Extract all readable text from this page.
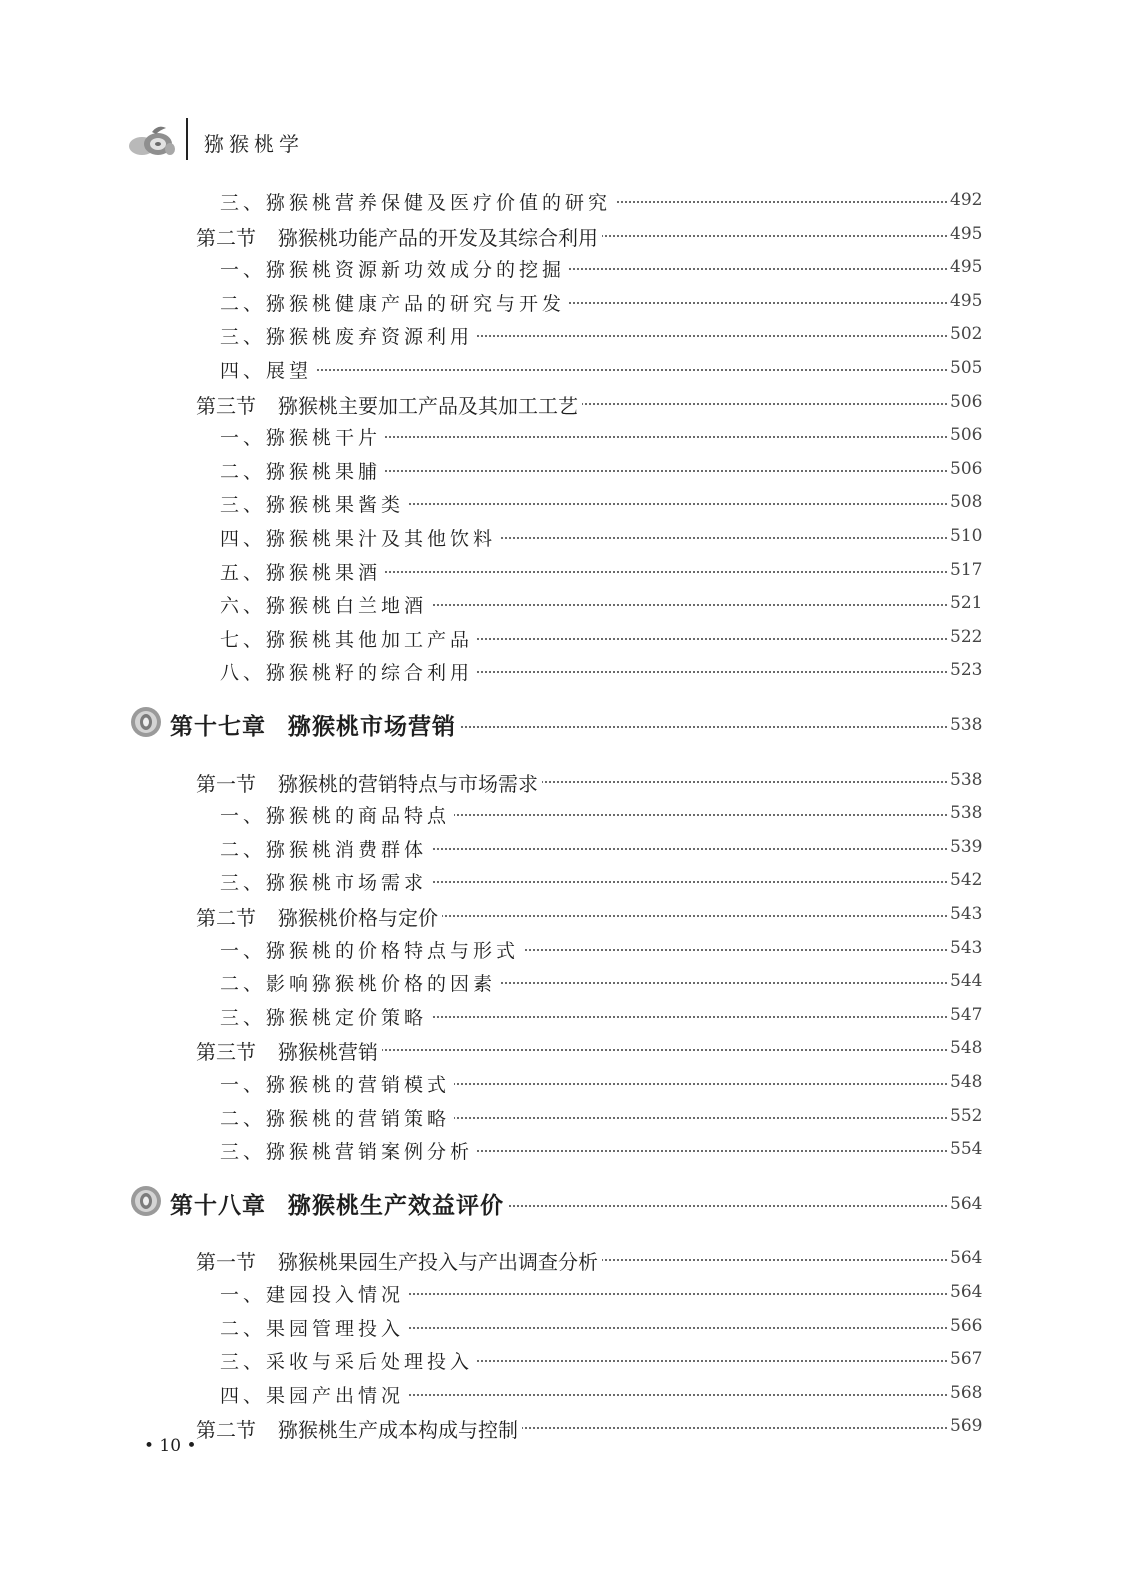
猕猴桃学
三、猕猴桃营养保健及医疗价值的研究	492
第二节 猕猴桃功能产品的开发及其综合利用	495
一、猕猴桃资源新功效成分的挖掘	495
二、猕猴桃健康产品的研究与开发	495
三、猕猴桃废弃资源利用	502
四、展望	505
第三节 猕猴桃主要加工产品及其加工工艺	506
一、猕猴桃干片	506
二、猕猴桃果脯	506
三、猕猴桃果酱类	508
四、猕猴桃果汁及其他饮料	510
五、猕猴桃果酒	517
六、猕猴桃白兰地酒	521
七、猕猴桃其他加工产品	522
八、猕猴桃籽的综合利用	523
第十七章 猕猴桃市场营销	538
第一节 猕猴桃的营销特点与市场需求	538
一、猕猴桃的商品特点	538
二、猕猴桃消费群体	539
三、猕猴桃市场需求	542
第二节 猕猴桃价格与定价	543
一、猕猴桃的价格特点与形式	543
二、影响猕猴桃价格的因素	544
三、猕猴桃定价策略	547
第三节 猕猴桃营销	548
一、猕猴桃的营销模式	548
二、猕猴桃的营销策略	552
三、猕猴桃营销案例分析	554
第十八章 猕猴桃生产效益评价	564
第一节 猕猴桃果园生产投入与产出调查分析	564
一、建园投入情况	564
二、果园管理投入	566
三、采收与采后处理投入	567
四、果园产出情况	568
第二节 猕猴桃生产成本构成与控制	569
• 10 •
